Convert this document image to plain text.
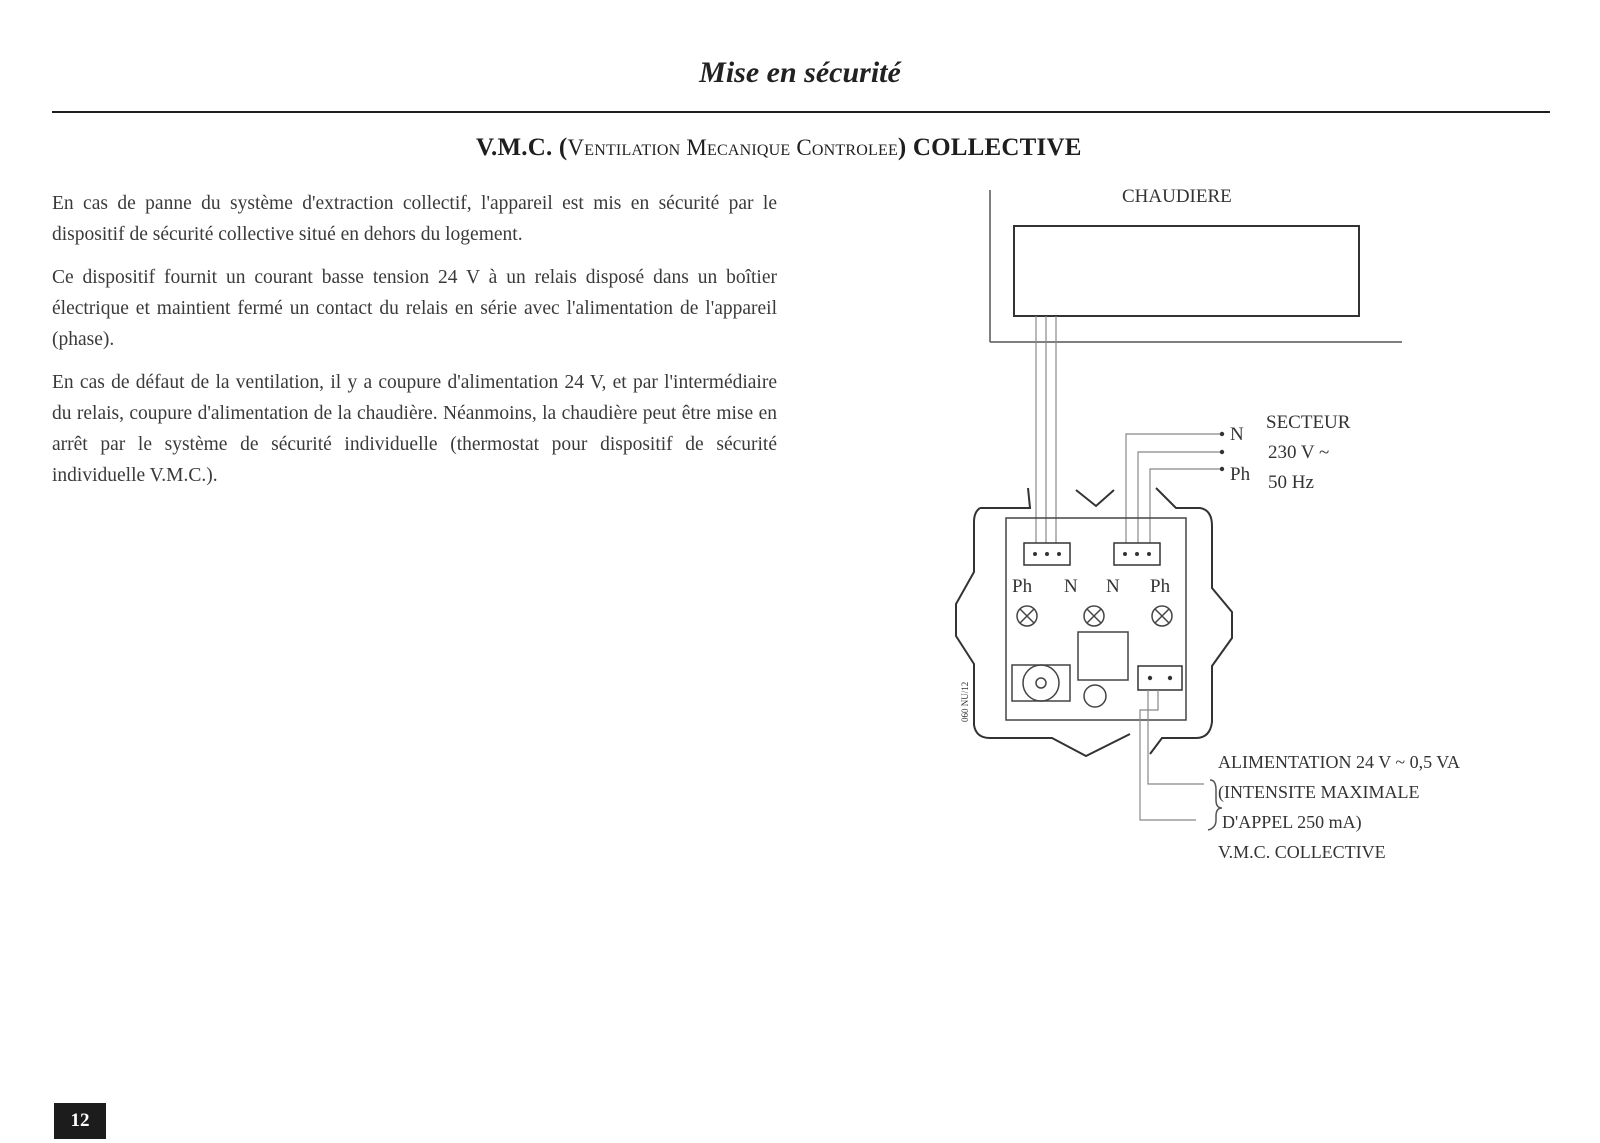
Mise en sécurité
V.M.C. (Ventilation Mecanique Controlee) COLLECTIVE

En cas de panne du système d'extraction collectif, l'appareil est mis en sécurité par le dispositif de sécurité collective situé en dehors du logement.

Ce dispositif fournit un courant basse tension 24 V à un relais disposé dans un boîtier électrique et maintient fermé un contact du relais en série avec l'alimentation de l'appareil (phase).

En cas de défaut de la ventilation, il y a coupure d'alimentation 24 V, et par l'intermédiaire du relais, coupure d'alimentation de la chaudière. Néanmoins, la chaudière peut être mise en arrêt par le système de sécurité individuelle (thermostat pour dispositif de sécurité individuelle V.M.C.).

CHAUDIERE
N
Ph
SECTEUR
230 V ~
50 Hz
Ph N N Ph
ALIMENTATION 24 V ~ 0,5 VA
(INTENSITE MAXIMALE
D'APPEL 250 mA)
V.M.C. COLLECTIVE
060 NU/12
12
